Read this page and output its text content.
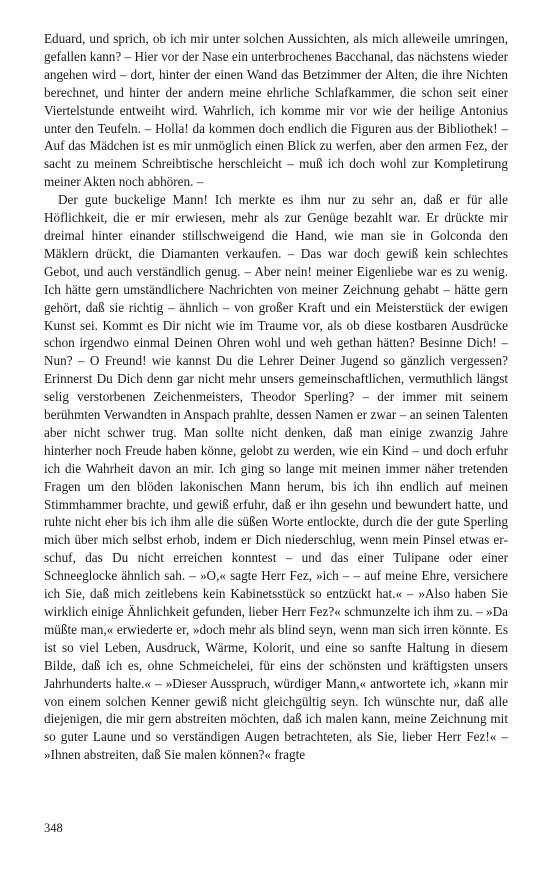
Eduard, und sprich, ob ich mir unter solchen Aussichten, als mich alleweile umringen, gefallen kann? – Hier vor der Nase ein unterbrochenes Bacchanal, das nächstens wieder angehen wird – dort, hinter der einen Wand das Betzimmer der Alten, die ihre Nichten berechnet, und hinter der andern meine ehrliche Schlafkammer, die schon seit einer Viertelstunde entweiht wird. Wahrlich, ich komme mir vor wie der heilige Antonius unter den Teufeln. – Holla! da kommen doch endlich die Figuren aus der Bibliothek! – Auf das Mädchen ist es mir unmöglich einen Blick zu werfen, aber den armen Fez, der sacht zu meinem Schreibtische herschleicht – muß ich doch wohl zur Kompletirung meiner Akten noch abhören. –

Der gute buckelige Mann! Ich merkte es ihm nur zu sehr an, daß er für alle Höflichkeit, die er mir erwiesen, mehr als zur Genüge bezahlt war. Er drückte mir dreimal hinter einander stillschweigend die Hand, wie man sie in Golconda den Mäklern drückt, die Diamanten verkaufen. – Das war doch gewiß kein schlechtes Gebot, und auch verständlich genug. – Aber nein! meiner Eigenliebe war es zu wenig. Ich hätte gern umständlichere Nachrichten von meiner Zeichnung gehabt – hätte gern gehört, daß sie richtig – ähnlich – von großer Kraft und ein Meisterstück der ewigen Kunst sei. Kommt es Dir nicht wie im Traume vor, als ob diese kostbaren Ausdrücke schon irgendwo einmal Deinen Ohren wohl und weh gethan hätten? Besinne Dich! – Nun? – O Freund! wie kannst Du die Lehrer Deiner Jugend so gänzlich vergessen? Erinnerst Du Dich denn gar nicht mehr unsers gemeinschaftlichen, vermuthlich längst selig verstorbenen Zeichenmeisters, Theodor Sperling? – der immer mit seinem berühmten Verwandten in Anspach prahlte, dessen Namen er zwar – an seinen Talenten aber nicht schwer trug. Man sollte nicht denken, daß man einige zwanzig Jahre hinterher noch Freude haben könne, gelobt zu werden, wie ein Kind – und doch erfuhr ich die Wahrheit davon an mir. Ich ging so lange mit meinen immer näher tretenden Fragen um den blöden lakonischen Mann herum, bis ich ihn endlich auf meinen Stimmhammer brachte, und gewiß erfuhr, daß er ihn gesehn und bewundert hatte, und ruhte nicht eher bis ich ihm alle die süßen Worte entlockte, durch die der gute Sperling mich über mich selbst erhob, indem er Dich niederschlug, wenn mein Pinsel etwas erschuf, das Du nicht erreichen konntest – und das einer Tulipane oder einer Schneeglocke ähnlich sah. – »O,« sagte Herr Fez, »ich – – auf meine Ehre, versichere ich Sie, daß mich zeitlebens kein Kabinetsstück so entzückt hat.« – »Also haben Sie wirklich einige Ähnlichkeit gefunden, lieber Herr Fez?« schmunzelte ich ihm zu. – »Da müßte man,« erwiederte er, »doch mehr als blind seyn, wenn man sich irren könnte. Es ist so viel Leben, Ausdruck, Wärme, Kolorit, und eine so sanfte Haltung in diesem Bilde, daß ich es, ohne Schmeichelei, für eins der schönsten und kräftigsten unsers Jahrhunderts halte.« – »Dieser Ausspruch, würdiger Mann,« antwortete ich, »kann mir von einem solchen Kenner gewiß nicht gleichgültig seyn. Ich wünschte nur, daß alle diejenigen, die mir gern abstreiten möchten, daß ich malen kann, meine Zeichnung mit so guter Laune und so verständigen Augen betrachteten, als Sie, lieber Herr Fez!« – »Ihnen abstreiten, daß Sie malen können?« fragte

348
